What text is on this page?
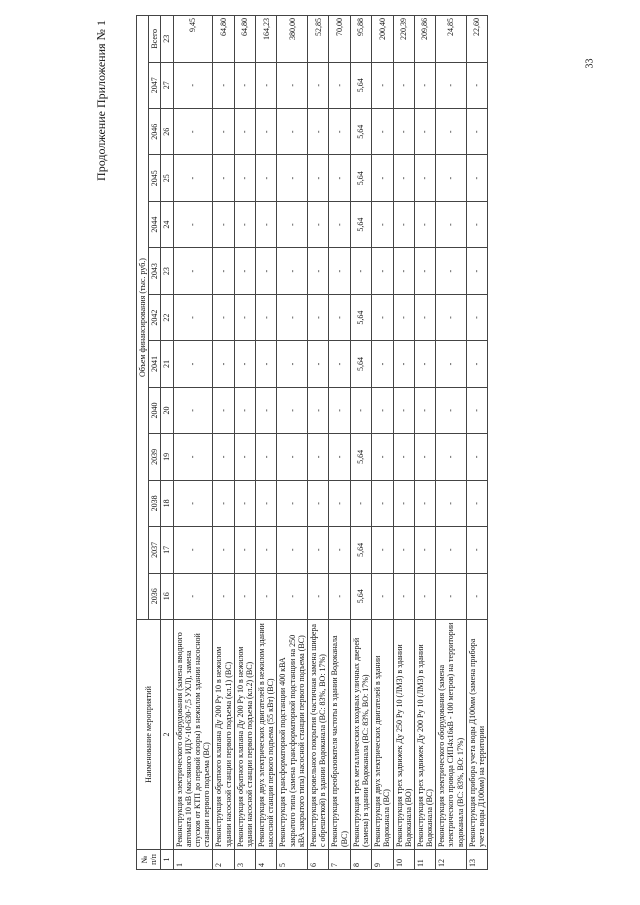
33
Продолжение Приложения № 1
№ п/п	Наименование мероприятий	Объем финансирования (тыс. руб.)												
		2036	2037	2038	2039	2040	2041	2042	2043	2044	2045	2046	2047	Всего
1	2	16	17	18	19	20	21	22	23	24	25	26	27	23
1	Реконструкция электрического оборудования (замена вводного автомата 10 кВ (масляного ИДУ-10-630-7,5 УХЛ), замена спусков от КТП до первой опоры) в нежилом здании насосной станции первого подъема (ВС)	-	-	-	-	-	-	-	-	-	-	-	-	9,45
2	Реконструкция обратного клапана Ду 200 Ру 10 в нежилом здании насосной станции первого подъема (кл.1) (ВС)	-	-	-	-	-	-	-	-	-	-	-	-	64,80
3	Реконструкция обратного клапана Ду 200 Ру 10 в нежилом здании насосной станции первого подъема (кл.2) (ВС)	-	-	-	-	-	-	-	-	-	-	-	-	64,80
4	Реконструкция двух электрических двигателей в нежилом здании насосной станции первого подъема (55 кВт) (ВС)	-	-	-	-	-	-	-	-	-	-	-	-	164,23
5	Реконструкция трансформаторной подстанции 400 кВА закрытого типа (замена трансформаторной подстанции на 250 кВА закрытого типа) насосной станции первого подъема (ВС)	-	-	-	-	-	-	-	-	-	-	-	-	380,00
6	Реконструкция кровельного покрытия (частичная замена шифера с обрешеткой) в здании Водоканала (ВС: 83%, ВО: 17%)	-	-	-	-	-	-	-	-	-	-	-	-	52,85
7	Реконструкция преобразователя частоты в здании Водоканала (ВС)	-	-	-	-	-	-	-	-	-	-	-	-	70,00
8	Реконструкция трех металлических входных уличных дверей (замена) в здании Водоканала (ВС: 83%, ВО: 17%)	5,64	5,64	-	5,64	-	5,64	5,64	-	5,64	5,64	5,64	5,64	95,88
9	Реконструкция двух электрических двигателей в здании Водоканала (ВС)	-	-	-	-	-	-	-	-	-	-	-	-	200,40
10	Реконструкция трех задвижек Ду 250 Ру 10 (ЛМЗ) в здании Водоканала (ВО)	-	-	-	-	-	-	-	-	-	-	-	-	220,39
11	Реконструкция трех задвижек Ду 200 Ру 10 (ЛМЗ) в здании Водоканала (ВС)	-	-	-	-	-	-	-	-	-	-	-	-	209,86
12	Реконструкция электрического оборудования (замена электрического провода СИП4х16кВ - 100 метров) на территории водоканала (ВС: 83%, ВО: 17%)	-	-	-	-	-	-	-	-	-	-	-	-	24,85
13	Реконструкция прибора учета воды Д100мм (замена прибора учета воды Д100мм) на территории	-	-	-	-	-	-	-	-	-	-	-	-	22,60
